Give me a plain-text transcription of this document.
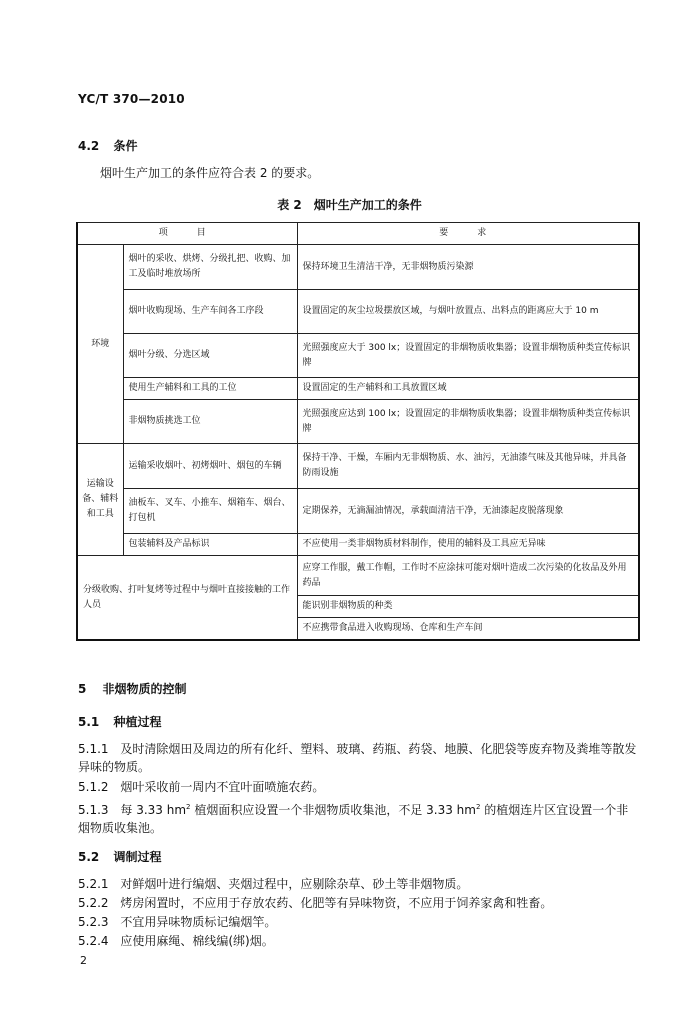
YC/T 370—2010
4.2 条件
烟叶生产加工的条件应符合表 2 的要求。
表 2　烟叶生产加工的条件
项　目		要　求
环境	烟叶的采收、烘烤、分级扎把、收购、加工及临时堆放场所	保持环境卫生清洁干净，无非烟物质污染源
	烟叶收购现场、生产车间各工序段	设置固定的灰尘垃圾摆放区域，与烟叶放置点、出料点的距离应大于 10 m
	烟叶分级、分选区域	光照强度应大于 300 lx；设置固定的非烟物质收集器；设置非烟物质种类宣传标识牌
	使用生产辅料和工具的工位	设置固定的生产辅料和工具放置区域
	非烟物质挑选工位	光照强度应达到 100 lx；设置固定的非烟物质收集器；设置非烟物质种类宣传标识牌
运输设备、辅料和工具	运输采收烟叶、初烤烟叶、烟包的车辆	保持干净、干燥，车厢内无非烟物质、水、油污，无油漆气味及其他异味，并具备防雨设施
	油板车、叉车、小推车、烟箱车、烟台、打包机	定期保养，无滴漏油情况，承载面清洁干净，无油漆起皮脱落现象
	包装辅料及产品标识	不应使用一类非烟物质材料制作，使用的辅料及工具应无异味
分级收购、打叶复烤等过程中与烟叶直接接触的工作人员		应穿工作服，戴工作帽，工作时不应涂抹可能对烟叶造成二次污染的化妆品及外用药品
		能识别非烟物质的种类
		不应携带食品进入收购现场、仓库和生产车间
5 非烟物质的控制
5.1 种植过程
5.1.1 及时清除烟田及周边的所有化纤、塑料、玻璃、药瓶、药袋、地膜、化肥袋等废弃物及粪堆等散发异味的物质。
5.1.2 烟叶采收前一周内不宜叶面喷施农药。
5.1.3 每 3.33 $hm^2$ 植烟面积应设置一个非烟物质收集池，不足 3.33 $hm^2$ 的植烟连片区宜设置一个非烟物质收集池。
5.2 调制过程
5.2.1 对鲜烟叶进行编烟、夹烟过程中，应剔除杂草、砂土等非烟物质。
5.2.2 烤房闲置时，不应用于存放农药、化肥等有异味物资，不应用于饲养家禽和牲畜。
5.2.3 不宜用异味物质标记编烟竿。
5.2.4 应使用麻绳、棉线编(绑)烟。
2
